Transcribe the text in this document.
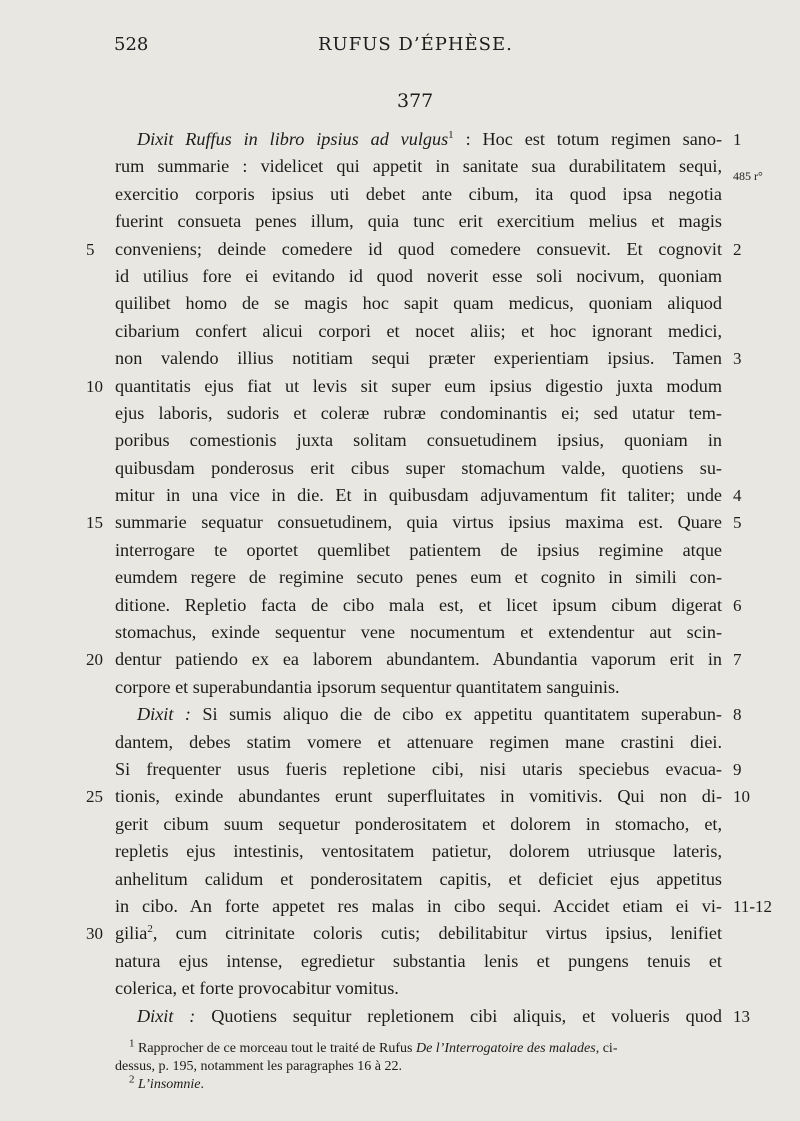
528	RUFUS D’ÉPHÈSE.
377
Dixit Ruffus in libro ipsius ad vulgus$^1$ : Hoc est totum regimen sano- 1
rum summarie : videlicet qui appetit in sanitate sua durabilitatem sequi, 485 r°
exercitio corporis ipsius uti debet ante cibum, ita quod ipsa negotia
fuerint consueta penes illum, quia tunc erit exercitium melius et magis
5 conveniens; deinde comedere id quod comedere consuevit. Et cognovit 2
id utilius fore ei evitando id quod noverit esse soli nocivum, quoniam
quilibet homo de se magis hoc sapit quam medicus, quoniam aliquod
cibarium confert alicui corpori et nocet aliis; et hoc ignorant medici,
non valendo illius notitiam sequi præter experientiam ipsius. Tamen 3
10 quantitatis ejus fiat ut levis sit super eum ipsius digestio juxta modum
ejus laboris, sudoris et coleræ rubræ condominantis ei; sed utatur tem-
poribus comestionis juxta solitam consuetudinem ipsius, quoniam in
quibusdam ponderosus erit cibus super stomachum valde, quotiens su-
mitur in una vice in die. Et in quibusdam adjuvamentum fit taliter; unde 4
15 summarie sequatur consuetudinem, quia virtus ipsius maxima est. Quare 5
interrogare te oportet quemlibet patientem de ipsius regimine atque
eumdem regere de regimine secuto penes eum et cognito in simili con-
ditione. Repletio facta de cibo mala est, et licet ipsum cibum digerat 6
stomachus, exinde sequentur vene nocumentum et extendentur aut scin-
20 dentur patiendo ex ea laborem abundantem. Abundantia vaporum erit in 7
corpore et superabundantia ipsorum sequentur quantitatem sanguinis.
Dixit : Si sumis aliquo die de cibo ex appetitu quantitatem superabun- 8
dantem, debes statim vomere et attenuare regimen mane crastini diei.
Si frequenter usus fueris repletione cibi, nisi utaris speciebus evacua- 9
25 tionis, exinde abundantes erunt superfluitates in vomitivis. Qui non di- 10
gerit cibum suum sequetur ponderositatem et dolorem in stomacho, et,
repletis ejus intestinis, ventositatem patietur, dolorem utriusque lateris,
anhelitum calidum et ponderositatem capitis, et deficiet ejus appetitus
in cibo. An forte appetet res malas in cibo sequi. Accidet etiam ei vi- 11-12
30 gilia$^2$, cum citrinitate coloris cutis; debilitabitur virtus ipsius, lenifiet
natura ejus intense, egredietur substantia lenis et pungens tenuis et
colerica, et forte provocabitur vomitus.
Dixit : Quotiens sequitur repletionem cibi aliquis, et volueris quod 13
$^1$ Rapprocher de ce morceau tout le traité de Rufus De l’Interrogatoire des malades, ci-
dessus, p. 195, notamment les paragraphes 16 à 22.
$^2$ L’insomnie.
